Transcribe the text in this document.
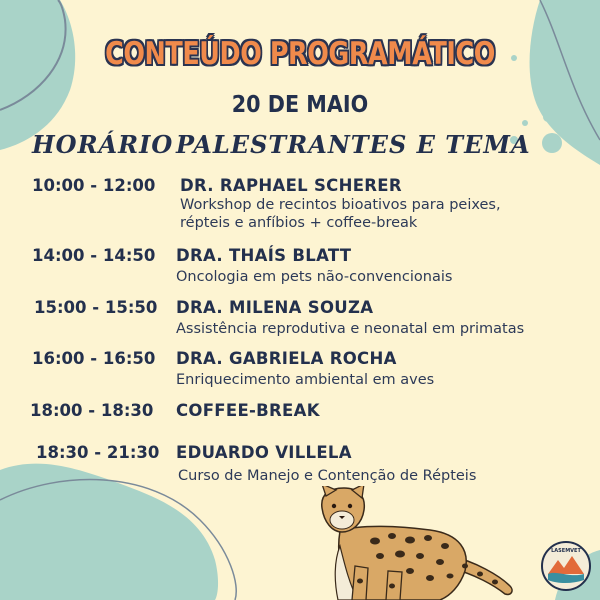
CONTEÚDO PROGRAMÁTICO
20 DE MAIO
HORÁRIO PALESTRANTES E TEMA
10:00 - 12:00 DR. RAPHAEL SCHERER
Workshop de recintos bioativos para peixes,
répteis e anfíbios + coffee-break
14:00 - 14:50 DRA. THAÍS BLATT
Oncologia em pets não-convencionais
15:00 - 15:50 DRA. MILENA SOUZA
Assistência reprodutiva e neonatal em primatas
16:00 - 16:50 DRA. GABRIELA ROCHA
Enriquecimento ambiental em aves
18:00 - 18:30 COFFEE-BREAK
18:30 - 21:30 EDUARDO VILLELA
Curso de Manejo e Contenção de Répteis
LASEMVET
